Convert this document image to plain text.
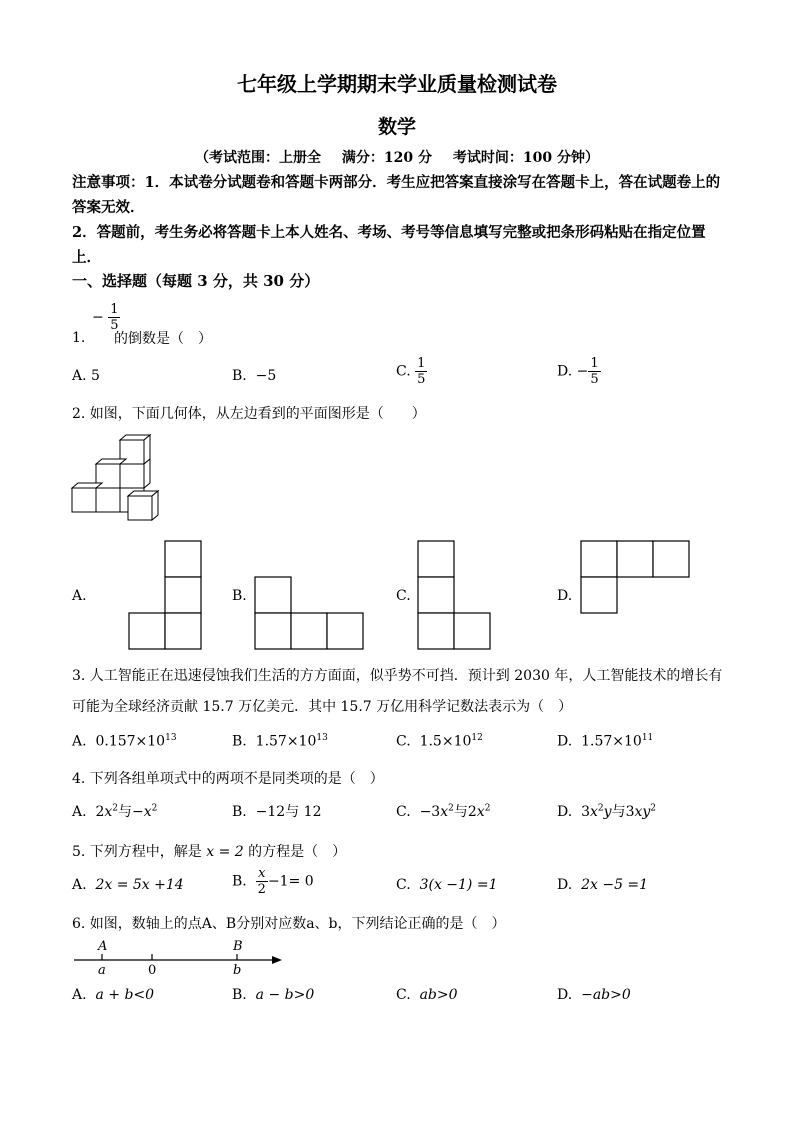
七年级上学期期末学业质量检测试卷
数学
（考试范围：上册全 满分：120 分 考试时间：100 分钟）
注意事项：1．本试卷分试题卷和答题卡两部分．考生应把答案直接涂写在答题卡上，答在试题卷上的答案无效．
2．答题前，考生务必将答题卡上本人姓名、考场、考号等信息填写完整或把条形码粘贴在指定位置上．
一、选择题（每题 3 分，共 30 分）
− $\frac{1}{5}$
1. 的倒数是（　）
A. 5	B. −5	C. $\frac{1}{5}$	D. − $\frac{1}{5}$
2. 如图，下面几何体，从左边看到的平面图形是（　　）
A.	B.	C.	D.
3. 人工智能正在迅速侵蚀我们生活的方方面面，似乎势不可挡．预计到 2030 年，人工智能技术的增长有
可能为全球经济贡献 15.7 万亿美元．其中 15.7 万亿用科学记数法表示为（　）
A. $0.157\times 10^{13}$	B. $1.57\times 10^{13}$	C. $1.5\times 10^{12}$	D. $1.57\times 10^{11}$
4. 下列各组单项式中的两项不是同类项的是（　）
A.  $2x^2$与$-x^2$	B. −12与 12	C.  $-3x^2$与$2x^2$	D.  $3x^2y$与$3xy^2$
5. 下列方程中，解是 x = 2 的方程是（　）
A. 2x = 5x +14	B. $\frac{x}{2} -1= 0$	C. 3(x −1) =1	D. 2x −5 =1
6. 如图，数轴上的点A、B分别对应数a、b，下列结论正确的是（　）
A
a	0
B
b
A. a + b<0	B. a − b>0	C. ab>0	D. −ab>0
